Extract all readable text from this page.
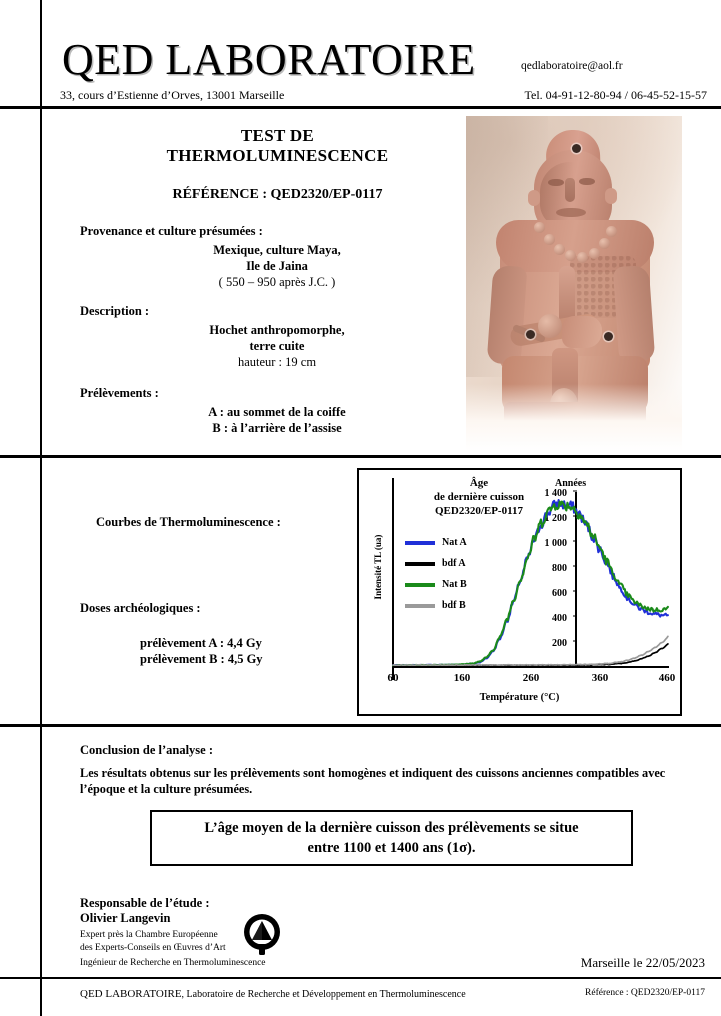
QED LABORATOIRE	qedlaboratoire@aol.fr
33, cours d’Estienne d’Orves, 13001 Marseille	Tel. 04-91-12-80-94 / 06-45-52-15-57
TEST DE
THERMOLUMINESCENCE
RÉFÉRENCE : QED2320/EP-0117
Provenance et culture présumées :
Mexique, culture Maya,
Ile de Jaina
( 550 – 950 après J.C. )
Description :
Hochet anthropomorphe,
terre cuite
hauteur : 19 cm
Prélèvements :
A : au sommet de la coiffe
B : à l’arrière de l’assise
Courbes de Thermoluminescence :
Doses archéologiques :
prélèvement A : 4,4 Gy
prélèvement B : 4,5 Gy
Intensité TL (ua)
Âge
de dernière cuisson
QED2320/EP-0117
Nat A
bdf A
Nat B
bdf B
1 400
1 200
1 000
800
600
400
200
Années
60	160	260	360	460
Température (°C)
Conclusion de l’analyse :
Les résultats obtenus sur les prélèvements sont homogènes et indiquent des cuissons anciennes compatibles avec l’époque et la culture présumées.
L’âge moyen de la dernière cuisson des prélèvements se situe
entre 1100 et 1400 ans (1σ).
Responsable de l’étude :
Olivier Langevin
Expert près la Chambre Européenne
des Experts-Conseils en Œuvres d’Art
Ingénieur de Recherche en Thermoluminescence	Marseille le 22/05/2023
QED LABORATOIRE, Laboratoire de Recherche et Développement en Thermoluminescence	Référence : QED2320/EP-0117
